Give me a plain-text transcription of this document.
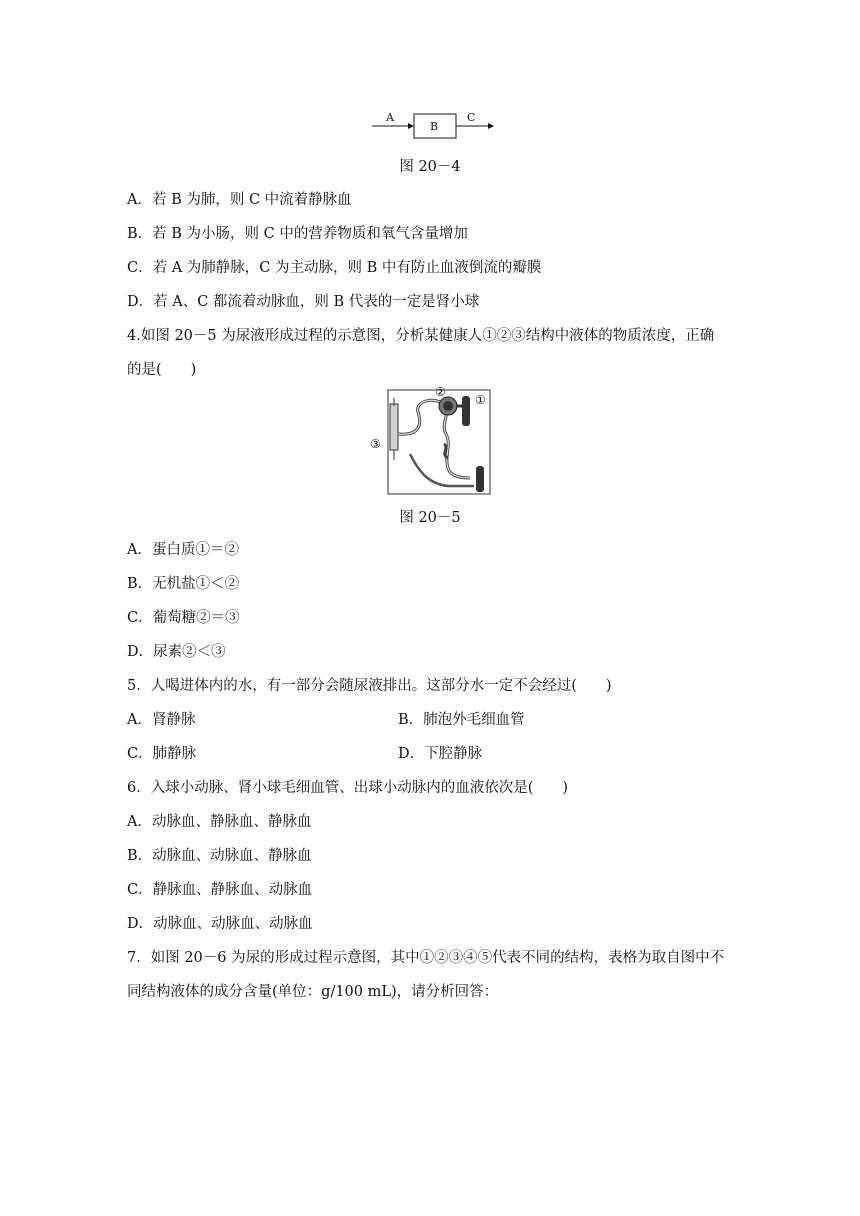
A
B
C
图 20－4
A．若 B 为肺，则 C 中流着静脉血
B．若 B 为小肠，则 C 中的营养物质和氧气含量增加
C．若 A 为肺静脉，C 为主动脉，则 B 中有防止血液倒流的瓣膜
D．若 A、C 都流着动脉血，则 B 代表的一定是肾小球
4.如图 20－5 为尿液形成过程的示意图，分析某健康人①②③结构中液体的物质浓度，正确
的是(　　)
①
②
③
图 20－5
A．蛋白质①＝②
B．无机盐①＜②
C．葡萄糖②＝③
D．尿素②＜③
5．人喝进体内的水，有一部分会随尿液排出。这部分水一定不会经过(　　)
A．肾静脉	B．肺泡外毛细血管
C．肺静脉	D．下腔静脉
6．入球小动脉、肾小球毛细血管、出球小动脉内的血液依次是(　　)
A．动脉血、静脉血、静脉血
B．动脉血、动脉血、静脉血
C．静脉血、静脉血、动脉血
D．动脉血、动脉血、动脉血
7．如图 20－6 为尿的形成过程示意图，其中①②③④⑤代表不同的结构，表格为取自图中不
同结构液体的成分含量(单位：g/100 mL)，请分析回答：
